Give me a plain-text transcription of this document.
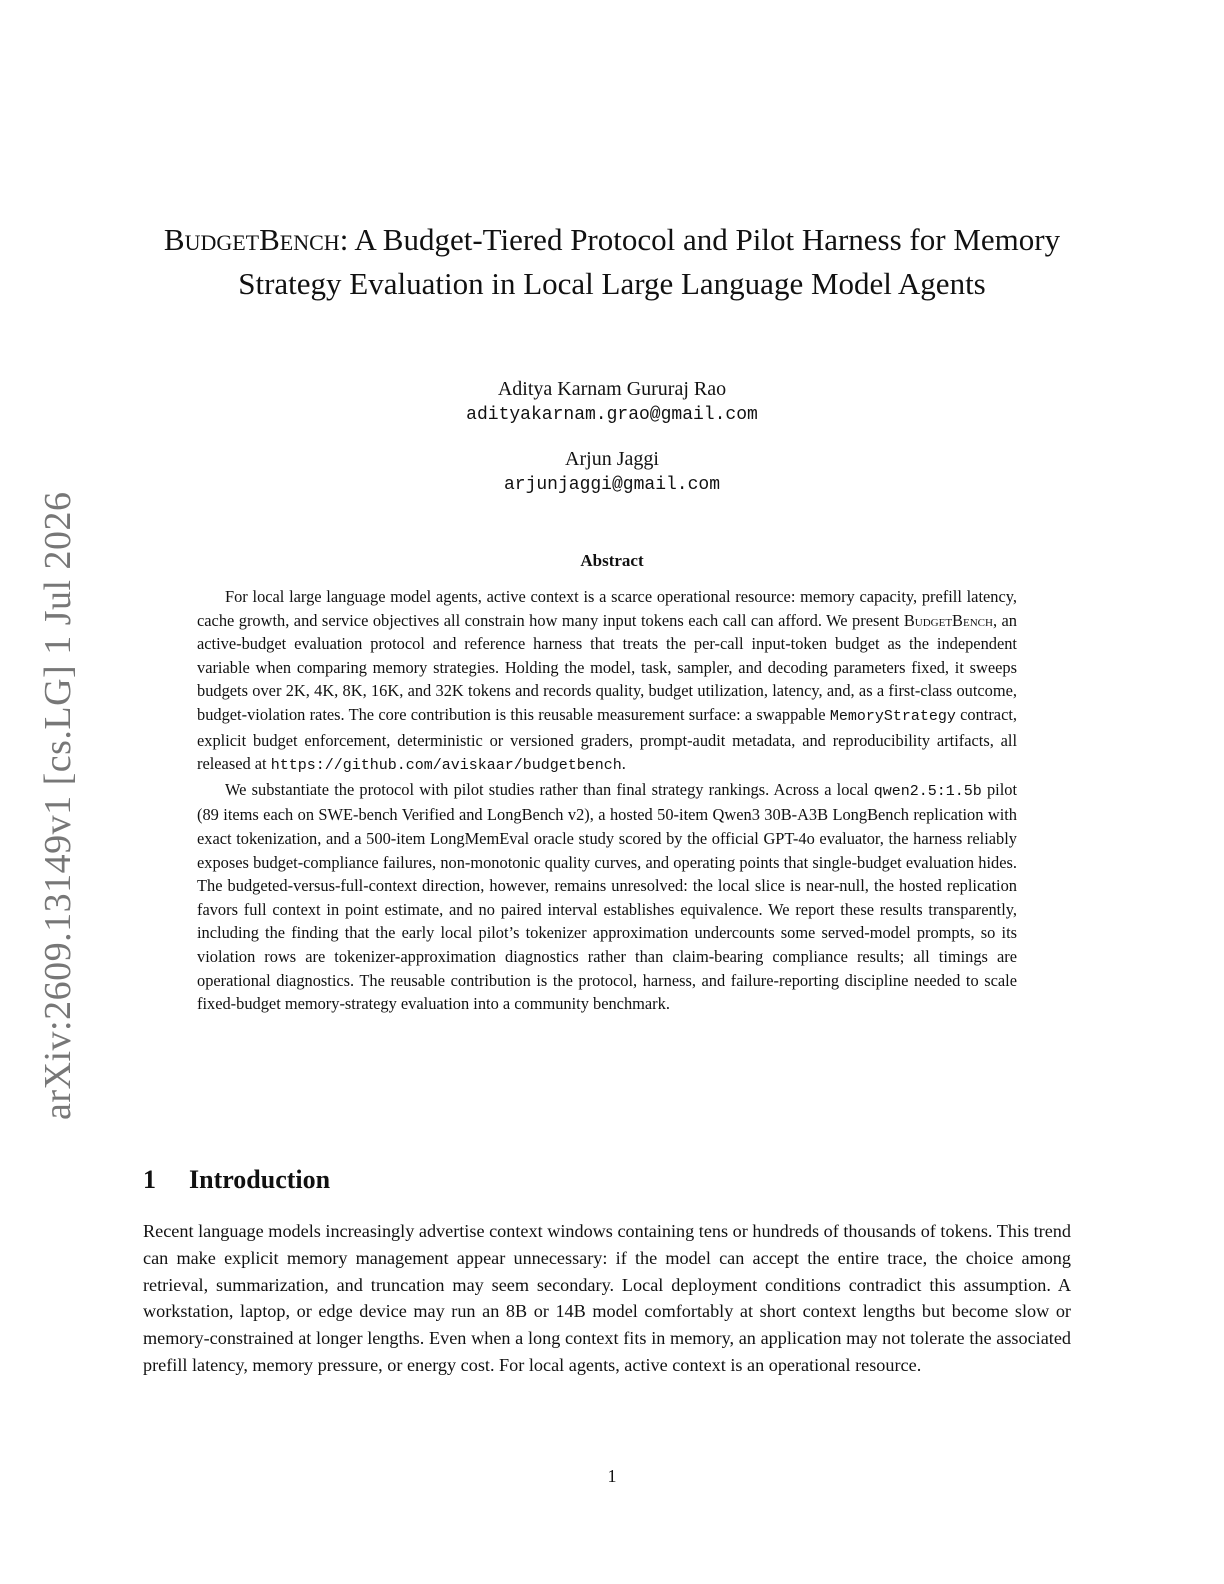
arXiv:2609.13149v1 [cs.LG] 1 Jul 2026
BudgetBench: A Budget-Tiered Protocol and Pilot Harness for Memory Strategy Evaluation in Local Large Language Model Agents
Aditya Karnam Gururaj Rao
adityakarnam.grao@gmail.com
Arjun Jaggi
arjunjaggi@gmail.com
Abstract

For local large language model agents, active context is a scarce operational resource: memory capacity, prefill latency, cache growth, and service objectives all constrain how many input tokens each call can afford. We present BudgetBench, an active-budget evaluation protocol and reference harness that treats the per-call input-token budget as the independent variable when comparing memory strategies. Holding the model, task, sampler, and decoding parameters fixed, it sweeps budgets over 2K, 4K, 8K, 16K, and 32K tokens and records quality, budget utilization, latency, and, as a first-class outcome, budget-violation rates. The core contribution is this reusable measurement surface: a swappable MemoryStrategy contract, explicit budget enforcement, deterministic or versioned graders, prompt-audit metadata, and reproducibility artifacts, all released at https://github.com/aviskaar/budgetbench.

We substantiate the protocol with pilot studies rather than final strategy rankings. Across a local qwen2.5:1.5b pilot (89 items each on SWE-bench Verified and LongBench v2), a hosted 50-item Qwen3 30B-A3B LongBench replication with exact tokenization, and a 500-item LongMemEval oracle study scored by the official GPT-4o evaluator, the harness reliably exposes budget-compliance failures, non-monotonic quality curves, and operating points that single-budget evaluation hides. The budgeted-versus-full-context direction, however, remains unresolved: the local slice is near-null, the hosted replication favors full context in point estimate, and no paired interval establishes equivalence. We report these results transparently, including the finding that the early local pilot’s tokenizer approximation undercounts some served-model prompts, so its violation rows are tokenizer-approximation diagnostics rather than claim-bearing compliance results; all timings are operational diagnostics. The reusable contribution is the protocol, harness, and failure-reporting discipline needed to scale fixed-budget memory-strategy evaluation into a community benchmark.

1 Introduction

Recent language models increasingly advertise context windows containing tens or hundreds of thousands of tokens. This trend can make explicit memory management appear unnecessary: if the model can accept the entire trace, the choice among retrieval, summarization, and truncation may seem secondary. Local deployment conditions contradict this assumption. A workstation, laptop, or edge device may run an 8B or 14B model comfortably at short context lengths but become slow or memory-constrained at longer lengths. Even when a long context fits in memory, an application may not tolerate the associated prefill latency, memory pressure, or energy cost. For local agents, active context is an operational resource.

1
